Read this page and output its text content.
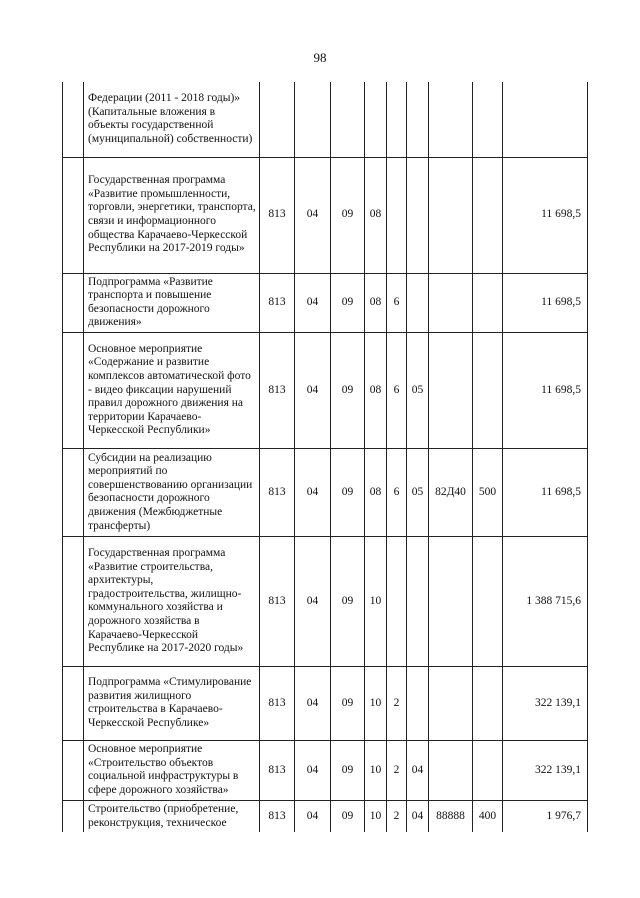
98
	Федерации (2011 - 2018 годы)» (Капитальные вложения в объекты государственной (муниципальной) собственности)									
	Государственная программа «Развитие промышленности, торговли, энергетики, транспорта, связи и информационного общества Карачаево-Черкесской Республики на 2017-2019 годы»	813	04	09	08					11 698,5
	Подпрограмма «Развитие транспорта и повышение безопасности дорожного движения»	813	04	09	08	6				11 698,5
	Основное мероприятие «Содержание и развитие комплексов автоматической фото - видео фиксации нарушений правил дорожного движения на территории Карачаево-Черкесской Республики»	813	04	09	08	6	05			11 698,5
	Субсидии на реализацию мероприятий по совершенствованию организации безопасности дорожного движения (Межбюджетные трансферты)	813	04	09	08	6	05	82Д40	500	11 698,5
	Государственная программа «Развитие строительства, архитектуры, градостроительства, жилищно-коммунального хозяйства и дорожного хозяйства в Карачаево-Черкесской Республике на 2017-2020 годы»	813	04	09	10					1 388 715,6
	Подпрограмма «Стимулирование развития жилищного строительства в Карачаево-Черкесской Республике»	813	04	09	10	2				322 139,1
	Основное мероприятие «Строительство объектов социальной инфраструктуры в сфере дорожного хозяйства»	813	04	09	10	2	04			322 139,1
	Строительство (приобретение, реконструкция, техническое	813	04	09	10	2	04	88888	400	1 976,7
